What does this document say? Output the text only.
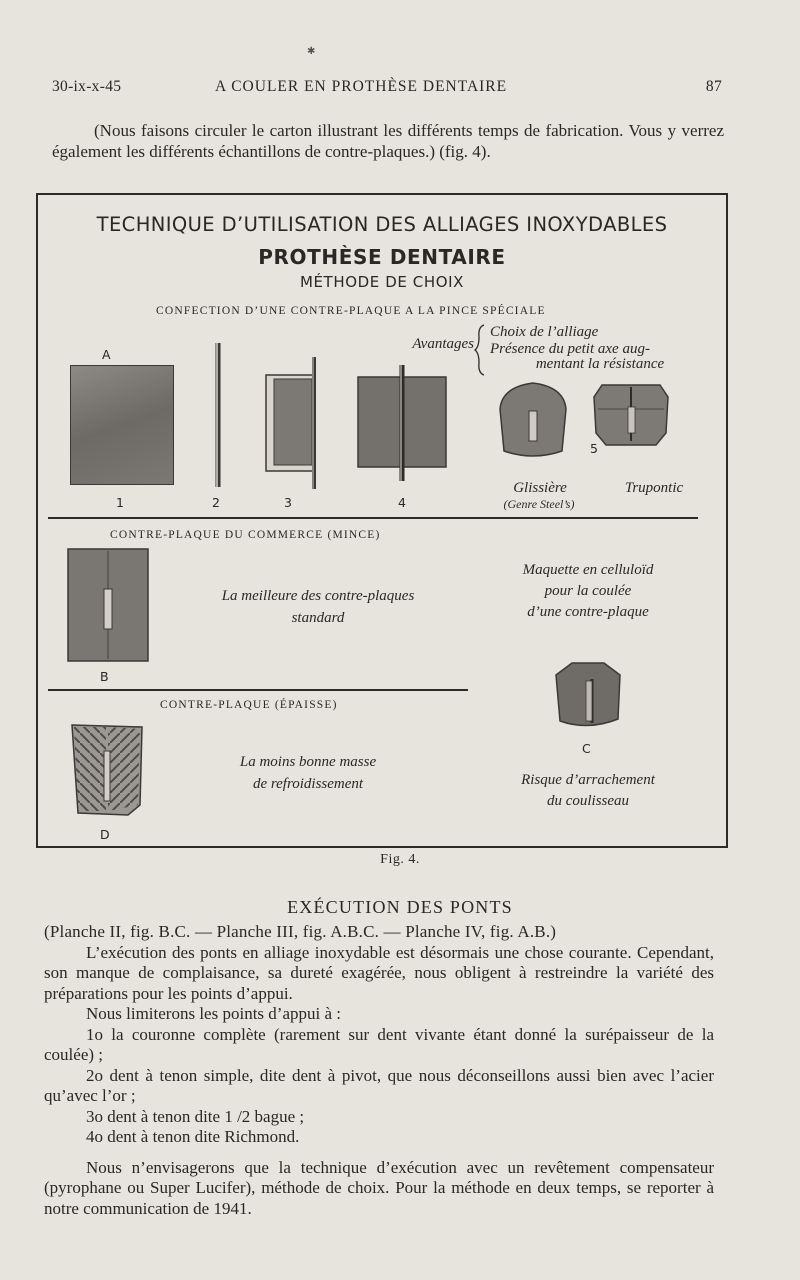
✱
30-ix-x-45	A COULER EN PROTHÈSE DENTAIRE	87

(Nous faisons circuler le carton illustrant les différents temps de fabrication. Vous y verrez également les différents échantillons de contre-plaques.) (fig. 4).

TECHNIQUE D’UTILISATION DES ALLIAGES INOXYDABLES
PROTHÈSE DENTAIRE
MÉTHODE DE CHOIX
CONFECTION D’UNE CONTRE-PLAQUE A LA PINCE SPÉCIALE
Avantages
Choix de l’alliage
Présence du petit axe aug-
mentant la résistance
A
5
Glissière
(Genre Steel’s)
Trupontic
1	2	3	4
CONTRE-PLAQUE DU COMMERCE (MINCE)
B
La meilleure des contre-plaques
standard
Maquette en celluloïd
pour la coulée
d’une contre-plaque
CONTRE-PLAQUE (ÉPAISSE)
D
La moins bonne masse
de refroidissement
C
Risque d’arrachement
du coulisseau
Fig. 4.
EXÉCUTION DES PONTS

(Planche II, fig. B.C. — Planche III, fig. A.B.C. — Planche IV, fig. A.B.)

L’exécution des ponts en alliage inoxydable est désormais une chose courante. Cependant, son manque de complaisance, sa dureté exagérée, nous obligent à restreindre la variété des préparations pour les points d’appui.

Nous limiterons les points d’appui à :

1o la couronne complète (rarement sur dent vivante étant donné la surépaisseur de la coulée) ;

2o dent à tenon simple, dite dent à pivot, que nous déconseillons aussi bien avec l’acier qu’avec l’or ;

3o dent à tenon dite 1 /2 bague ;

4o dent à tenon dite Richmond.

Nous n’envisagerons que la technique d’exécution avec un revêtement compensateur (pyrophane ou Super Lucifer), méthode de choix. Pour la méthode en deux temps, se reporter à notre communication de 1941.
